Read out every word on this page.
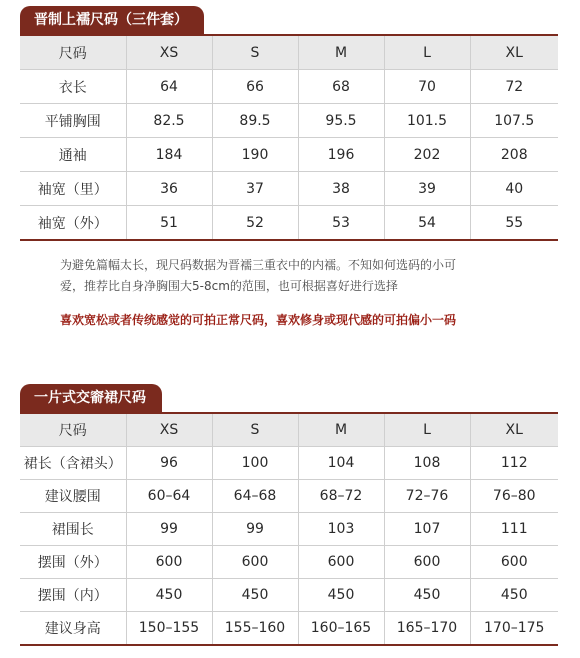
晋制上襦尺码（三件套）
尺码	XS	S	M	L	XL
衣长	64	66	68	70	72
平铺胸围	82.5	89.5	95.5	101.5	107.5
通袖	184	190	196	202	208
袖宽（里）	36	37	38	39	40
袖宽（外）	51	52	53	54	55
为避免篇幅太长，现尺码数据为晋襦三重衣中的内襦。不知如何选码的小可
爱，推荐比自身净胸围大5-8cm的范围，也可根据喜好进行选择
喜欢宽松或者传统感觉的可拍正常尺码，喜欢修身或现代感的可拍偏小一码
一片式交窬裙尺码
尺码	XS	S	M	L	XL
裙长（含裙头）	96	100	104	108	112
建议腰围	60–64	64–68	68–72	72–76	76–80
裙围长	99	99	103	107	111
摆围（外）	600	600	600	600	600
摆围（内）	450	450	450	450	450
建议身高	150–155	155–160	160–165	165–170	170–175
